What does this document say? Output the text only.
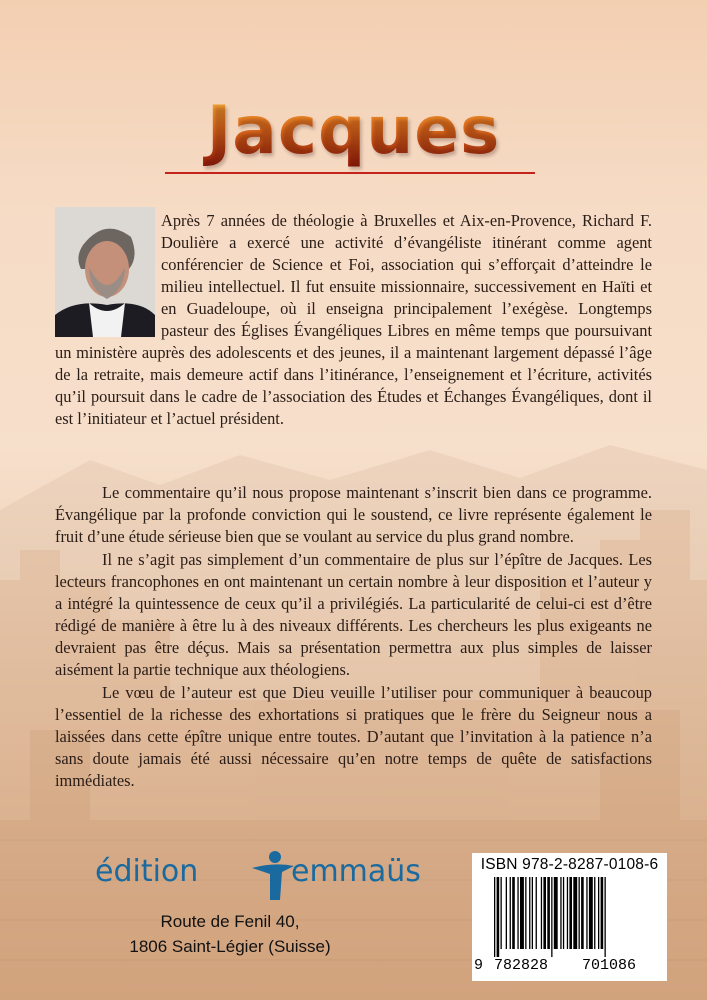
Jacques
Après 7 années de théologie à Bruxelles et Aix-en-Provence, Richard F. Doulière a exercé une activité d’évangéliste itinérant comme agent conférencier de Science et Foi, association qui s’efforçait d’atteindre le milieu intellectuel. Il fut ensuite missionnaire, successivement en Haïti et en Guadeloupe, où il enseigna principalement l’exégèse. Longtemps pasteur des Églises Évangéliques Libres en même temps que poursuivant un ministère auprès des adolescents et des jeunes, il a maintenant largement dépassé l’âge de la retraite, mais demeure actif dans l’itinérance, l’enseignement et l’écriture, activités qu’il poursuit dans le cadre de l’association des Études et Échanges Évangéliques, dont il est l’initiateur et l’actuel président.

Le commentaire qu’il nous propose maintenant s’inscrit bien dans ce programme. Évangélique par la profonde conviction qui le soustend, ce livre représente également le fruit d’une étude sérieuse bien que se voulant au service du plus grand nombre.

Il ne s’agit pas simplement d’un commentaire de plus sur l’épître de Jacques. Les lecteurs francophones en ont maintenant un certain nombre à leur disposition et l’auteur y a intégré la quintessence de ceux qu’il a privilégiés. La particularité de celui-ci est d’être rédigé de manière à être lu à des niveaux différents. Les chercheurs les plus exigeants ne devraient pas être déçus. Mais sa présentation permettra aux plus simples de laisser aisément la partie technique aux théologiens.

Le vœu de l’auteur est que Dieu veuille l’utiliser pour communiquer à beaucoup l’essentiel de la richesse des exhortations si pratiques que le frère du Seigneur nous a laissées dans cette épître unique entre toutes. D’autant que l’invitation à la patience n’a sans doute jamais été aussi nécessaire qu’en notre temps de quête de satisfactions immédiates.

édition	emmaüs
Route de Fenil 40,
1806 Saint-Légier (Suisse)
ISBN 978-2-8287-0108-6
9 782828 701086
